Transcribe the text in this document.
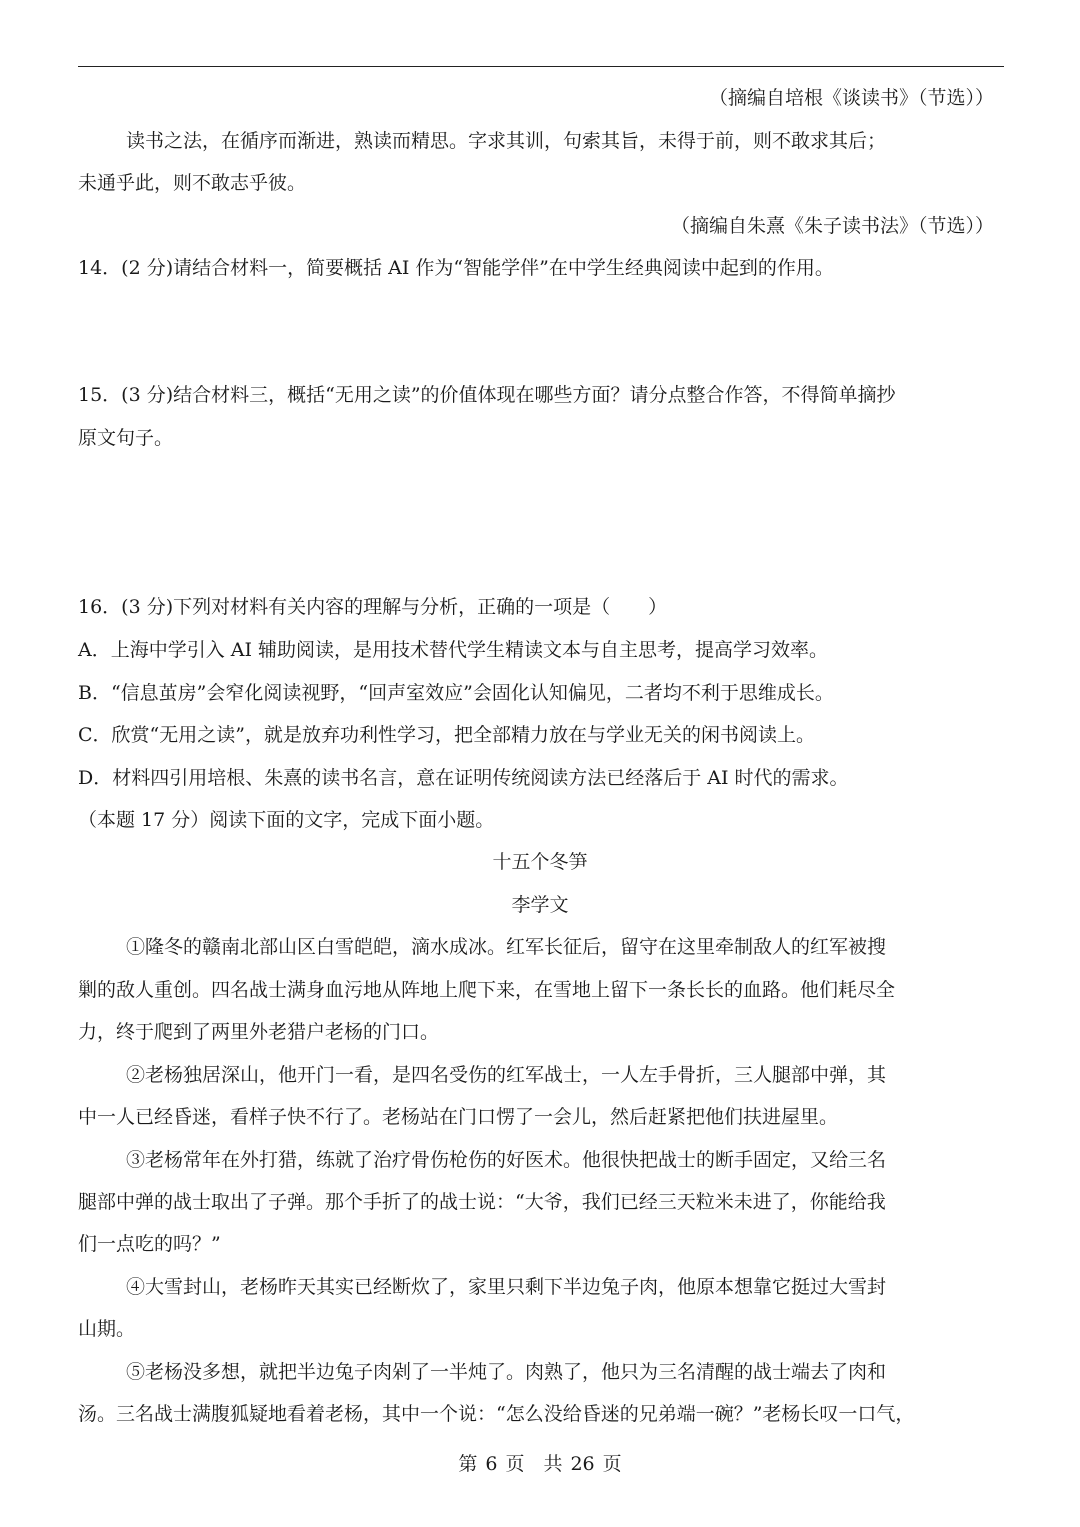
（摘编自培根《谈读书》（节选））
读书之法，在循序而渐进，熟读而精思。字求其训，句索其旨，未得于前，则不敢求其后；
未通乎此，则不敢志乎彼。
（摘编自朱熹《朱子读书法》（节选））
14．(2 分)请结合材料一，简要概括 AI 作为“智能学伴”在中学生经典阅读中起到的作用。
15．(3 分)结合材料三，概括“无用之读”的价值体现在哪些方面？请分点整合作答，不得简单摘抄
原文句子。
16．(3 分)下列对材料有关内容的理解与分析，正确的一项是（　　）
A．上海中学引入 AI 辅助阅读，是用技术替代学生精读文本与自主思考，提高学习效率。
B．“信息茧房”会窄化阅读视野，“回声室效应”会固化认知偏见，二者均不利于思维成长。
C．欣赏“无用之读”，就是放弃功利性学习，把全部精力放在与学业无关的闲书阅读上。
D．材料四引用培根、朱熹的读书名言，意在证明传统阅读方法已经落后于 AI 时代的需求。
（本题 17 分）阅读下面的文字，完成下面小题。
十五个冬笋
李学文
①隆冬的赣南北部山区白雪皑皑，滴水成冰。红军长征后，留守在这里牵制敌人的红军被搜
剿的敌人重创。四名战士满身血污地从阵地上爬下来，在雪地上留下一条长长的血路。他们耗尽全
力，终于爬到了两里外老猎户老杨的门口。
②老杨独居深山，他开门一看，是四名受伤的红军战士，一人左手骨折，三人腿部中弹，其
中一人已经昏迷，看样子快不行了。老杨站在门口愣了一会儿，然后赶紧把他们扶进屋里。
③老杨常年在外打猎，练就了治疗骨伤枪伤的好医术。他很快把战士的断手固定，又给三名
腿部中弹的战士取出了子弹。那个手折了的战士说：“大爷，我们已经三天粒米未进了，你能给我
们一点吃的吗？”
④大雪封山，老杨昨天其实已经断炊了，家里只剩下半边兔子肉，他原本想靠它挺过大雪封
山期。
⑤老杨没多想，就把半边兔子肉剁了一半炖了。肉熟了，他只为三名清醒的战士端去了肉和
汤。三名战士满腹狐疑地看着老杨，其中一个说：“怎么没给昏迷的兄弟端一碗？”老杨长叹一口气，
第 6 页　共 26 页
